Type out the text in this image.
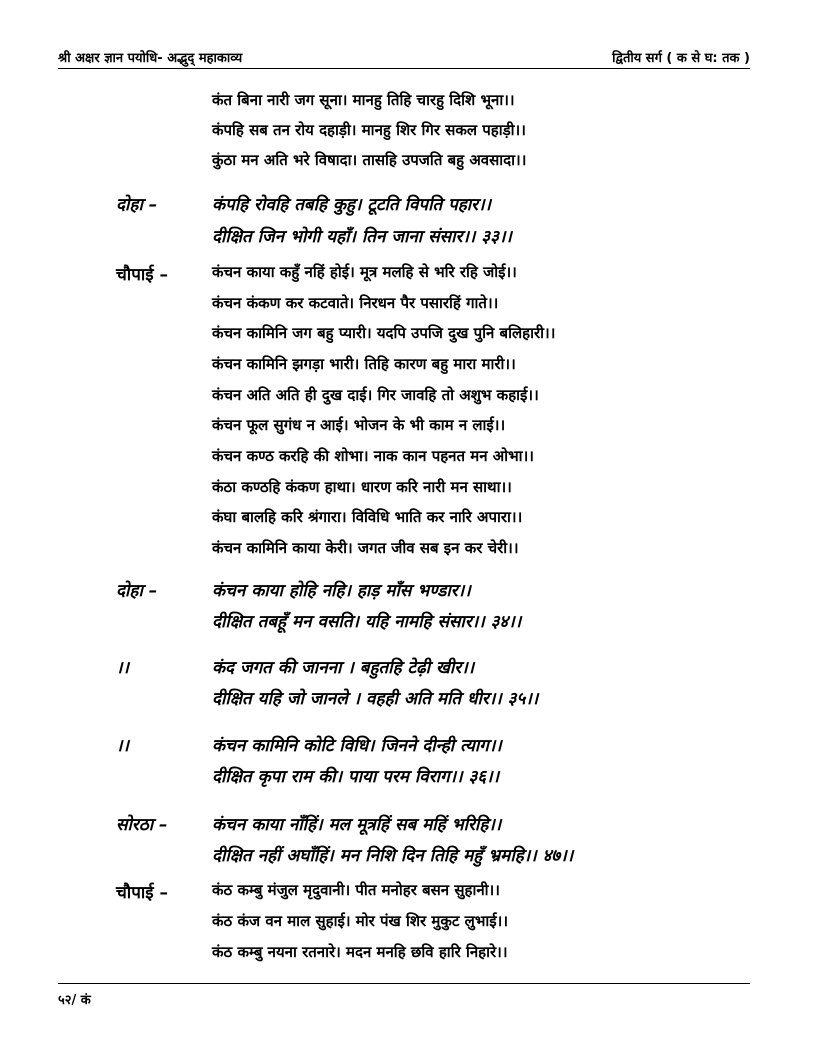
श्री अक्षर ज्ञान पयोधि- अद्भुद् महाकाव्य	द्वितीय सर्ग ( क से घ: तक )
कंत बिना नारी जग सूना। मानहु तिहि चारहु दिशि भूना।।
कंपहि सब तन रोय दहाड़ी। मानहु शिर गिर सकल पहाड़ी।।
कुंठा मन अति भरे विषादा। तासहि उपजति बहु अवसादा।।
दोहा –	कंपहि रोवहि तबहि कुहु। टूटति विपति पहार।।
दीक्षित जिन भोगी यहाँ। तिन जाना संसार।। ३३।।
चौपाई –	कंचन काया कहुँ नहिं होई। मूत्र मलहि से भरि रहि जोई।।
कंचन कंकण कर कटवाते। निरधन पैर पसारहिं गाते।।
कंचन कामिनि जग बहु प्यारी। यदपि उपजि दुख पुनि बलिहारी।।
कंचन कामिनि झगड़ा भारी। तिहि कारण बहु मारा मारी।।
कंचन अति अति ही दुख दाई। गिर जावहि तो अशुभ कहाई।।
कंचन फूल सुगंध न आई। भोजन के भी काम न लाई।।
कंचन कण्ठ करहि की शोभा। नाक कान पहनत मन ओभा।।
कंठा कण्ठहि कंकण हाथा। धारण करि नारी मन साथा।।
कंघा बालहि करि श्रंगारा। विविधि भाति कर नारि अपारा।।
कंचन कामिनि काया केरी। जगत जीव सब इन कर चेरी।।
दोहा –	कंचन काया होहि नहि। हाड़ माँस भण्डार।।
दीक्षित तबहूँ मन वसति। यहि नामहि संसार।। ३४।।
।।	कंद जगत की जानना । बहुतहि टेढ़ी खीर।।
दीक्षित यहि जो जानले । वहही अति मति धीर।। ३५।।
।।	कंचन कामिनि कोटि विधि। जिनने दीन्ही त्याग।।
दीक्षित कृपा राम की। पाया परम विराग।। ३६।।
सोरठा –	कंचन काया नाँहिं। मल मूत्रहिं सब महिं भरिहि।।
दीक्षित नहीं अघाँहिं। मन निशि दिन तिहि महुँ भ्रमहि।। ४७।।
चौपाई –	कंठ कम्बु मंजुल मृदुवानी। पीत मनोहर बसन सुहानी।।
कंठ कंज वन माल सुहाई। मोर पंख शिर मुकुट लुभाई।।
कंठ कम्बु नयना रतनारे। मदन मनहि छवि हारि निहारे।।
५२/ कं
